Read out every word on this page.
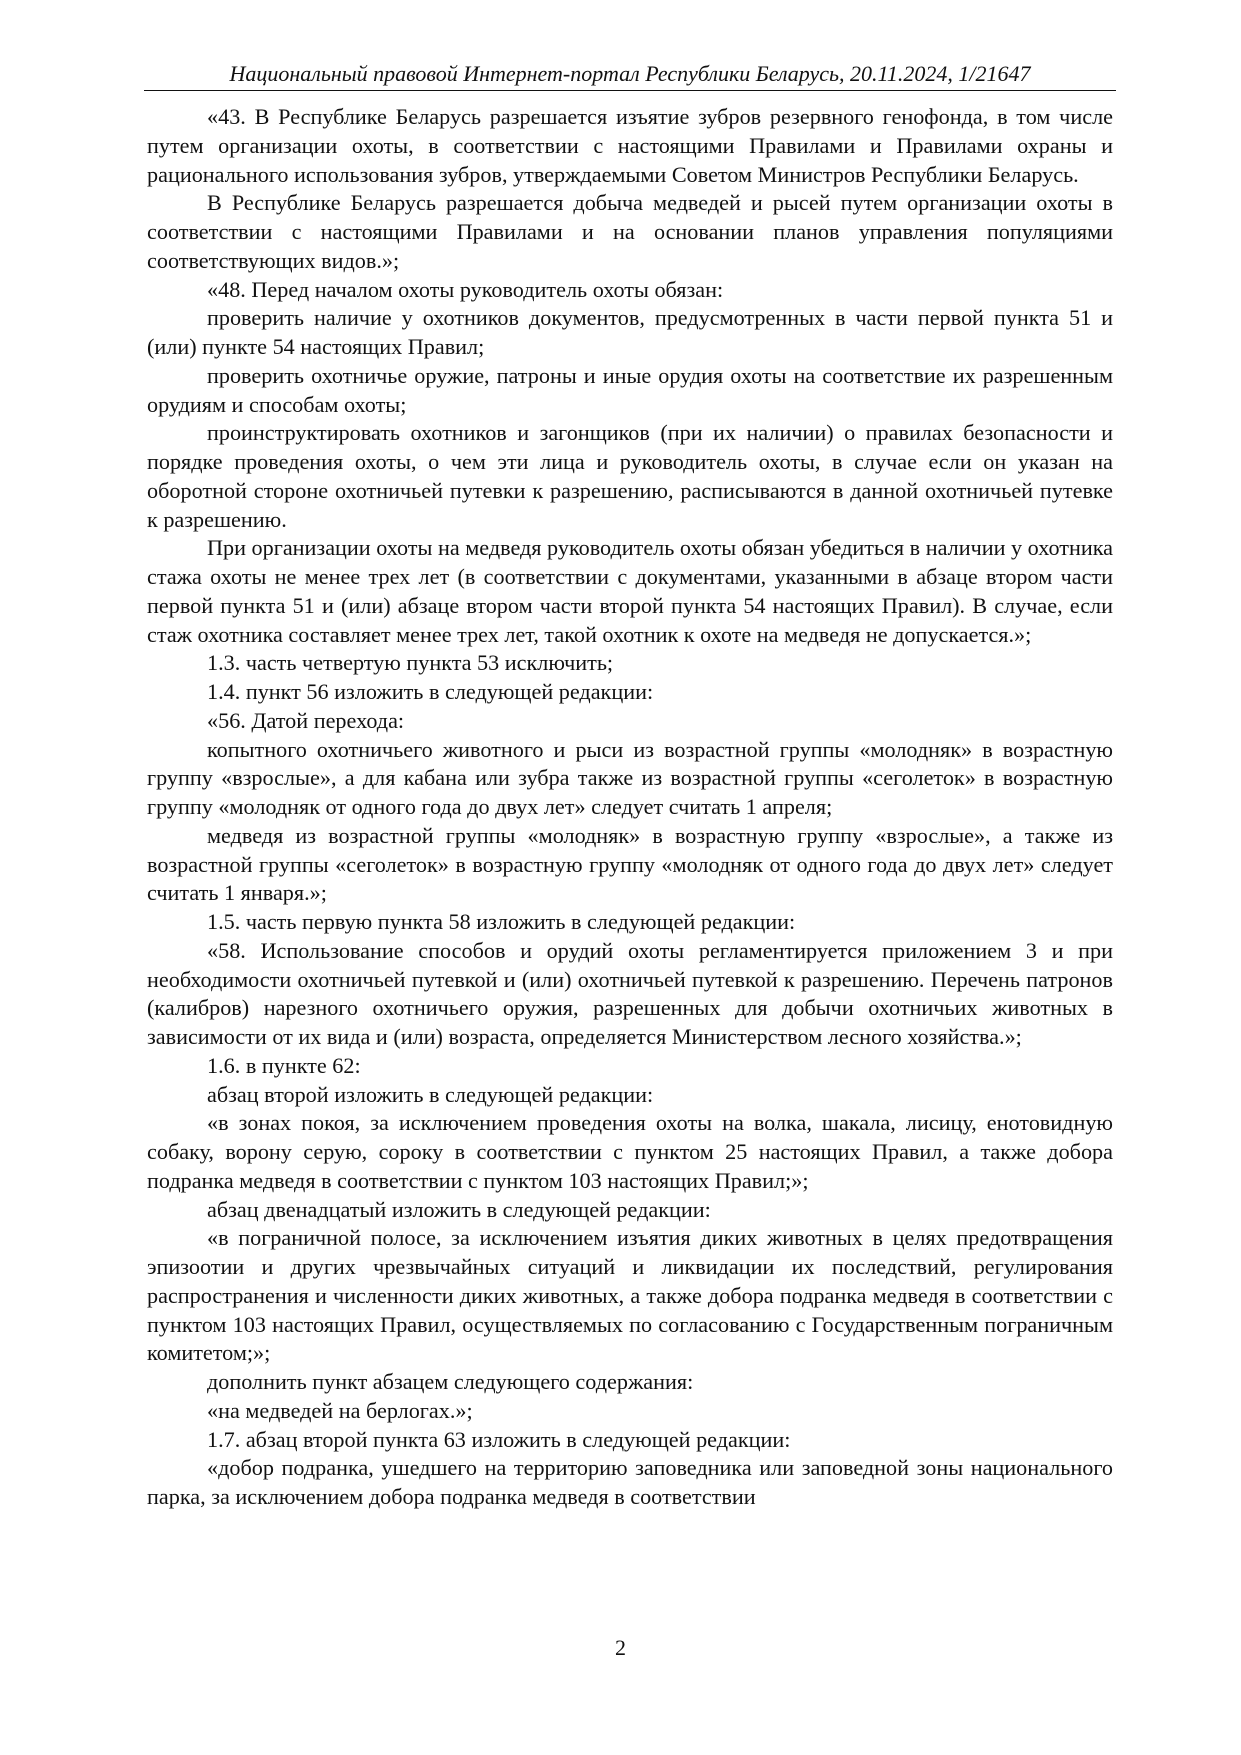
Национальный правовой Интернет-портал Республики Беларусь, 20.11.2024, 1/21647

«43. В Республике Беларусь разрешается изъятие зубров резервного генофонда, в том числе путем организации охоты, в соответствии с настоящими Правилами и Правилами охраны и рационального использования зубров, утверждаемыми Советом Министров Республики Беларусь.

В Республике Беларусь разрешается добыча медведей и рысей путем организации охоты в соответствии с настоящими Правилами и на основании планов управления популяциями соответствующих видов.»;

«48. Перед началом охоты руководитель охоты обязан:

проверить наличие у охотников документов, предусмотренных в части первой пункта 51 и (или) пункте 54 настоящих Правил;

проверить охотничье оружие, патроны и иные орудия охоты на соответствие их разрешенным орудиям и способам охоты;

проинструктировать охотников и загонщиков (при их наличии) о правилах безопасности и порядке проведения охоты, о чем эти лица и руководитель охоты, в случае если он указан на оборотной стороне охотничьей путевки к разрешению, расписываются в данной охотничьей путевке к разрешению.

При организации охоты на медведя руководитель охоты обязан убедиться в наличии у охотника стажа охоты не менее трех лет (в соответствии с документами, указанными в абзаце втором части первой пункта 51 и (или) абзаце втором части второй пункта 54 настоящих Правил). В случае, если стаж охотника составляет менее трех лет, такой охотник к охоте на медведя не допускается.»;

1.3. часть четвертую пункта 53 исключить;

1.4. пункт 56 изложить в следующей редакции:

«56. Датой перехода:

копытного охотничьего животного и рыси из возрастной группы «молодняк» в возрастную группу «взрослые», а для кабана или зубра также из возрастной группы «сеголеток» в возрастную группу «молодняк от одного года до двух лет» следует считать 1 апреля;

медведя из возрастной группы «молодняк» в возрастную группу «взрослые», а также из возрастной группы «сеголеток» в возрастную группу «молодняк от одного года до двух лет» следует считать 1 января.»;

1.5. часть первую пункта 58 изложить в следующей редакции:

«58. Использование способов и орудий охоты регламентируется приложением 3 и при необходимости охотничьей путевкой и (или) охотничьей путевкой к разрешению. Перечень патронов (калибров) нарезного охотничьего оружия, разрешенных для добычи охотничьих животных в зависимости от их вида и (или) возраста, определяется Министерством лесного хозяйства.»;

1.6. в пункте 62:

абзац второй изложить в следующей редакции:

«в зонах покоя, за исключением проведения охоты на волка, шакала, лисицу, енотовидную собаку, ворону серую, сороку в соответствии с пунктом 25 настоящих Правил, а также добора подранка медведя в соответствии с пунктом 103 настоящих Правил;»;

абзац двенадцатый изложить в следующей редакции:

«в пограничной полосе, за исключением изъятия диких животных в целях предотвращения эпизоотии и других чрезвычайных ситуаций и ликвидации их последствий, регулирования распространения и численности диких животных, а также добора подранка медведя в соответствии с пунктом 103 настоящих Правил, осуществляемых по согласованию с Государственным пограничным комитетом;»;

дополнить пункт абзацем следующего содержания:

«на медведей на берлогах.»;

1.7. абзац второй пункта 63 изложить в следующей редакции:

«добор подранка, ушедшего на территорию заповедника или заповедной зоны национального парка, за исключением добора подранка медведя в соответствии

2
